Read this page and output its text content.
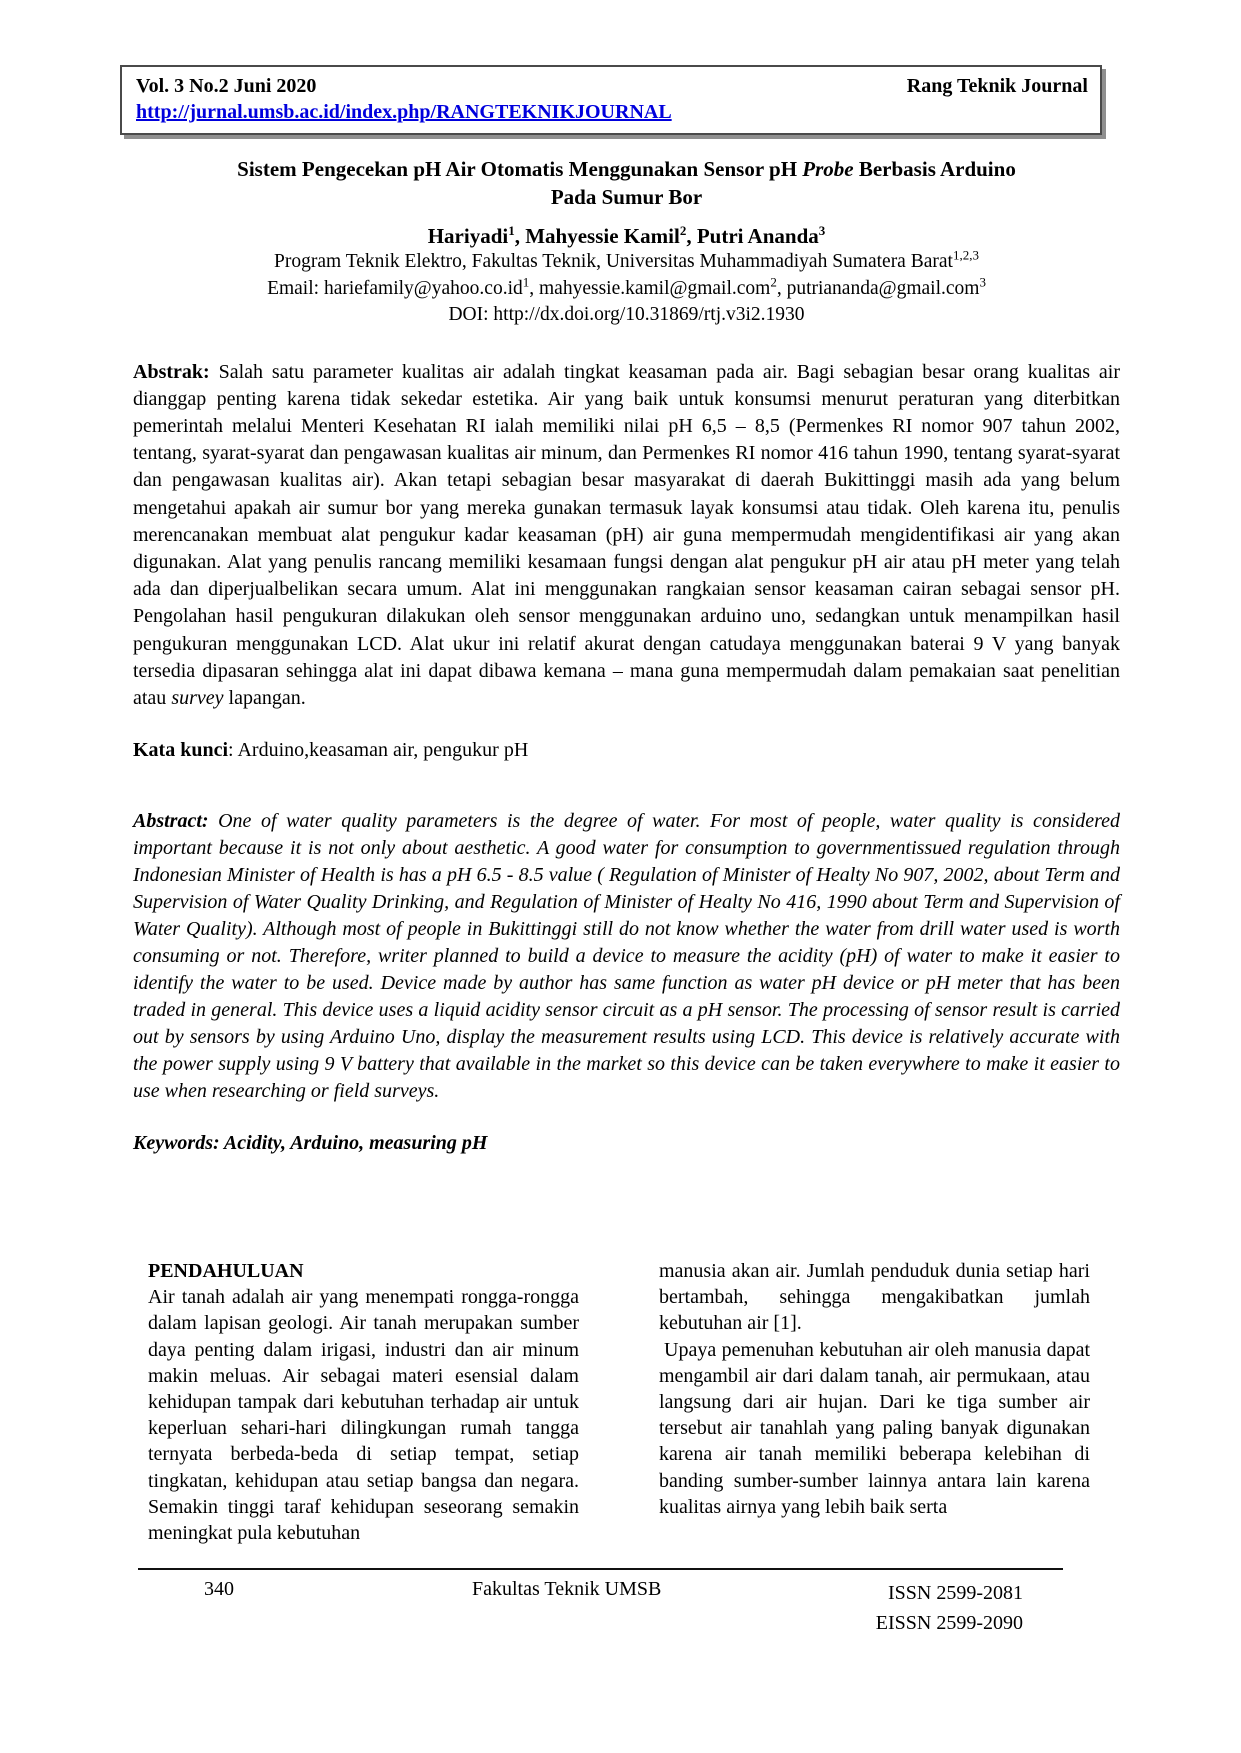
Vol. 3 No.2 Juni 2020	Rang Teknik Journal
http://jurnal.umsb.ac.id/index.php/RANGTEKNIKJOURNAL
Sistem Pengecekan pH Air Otomatis Menggunakan Sensor pH Probe Berbasis Arduino
Pada Sumur Bor
Hariyadi$^1$, Mahyessie Kamil$^2$, Putri Ananda$^3$
Program Teknik Elektro, Fakultas Teknik, Universitas Muhammadiyah Sumatera Barat$^{1,2,3}$
Email: $hariefamily@yahoo.co.id^1$, mahyessie.kamil@gmail.com$^2$, putriananda@gmail.com$^3$
DOI: http://dx.doi.org/10.31869/rtj.v3i2.1930
Abstrak: Salah satu parameter kualitas air adalah tingkat keasaman pada air. Bagi sebagian besar orang kualitas air dianggap penting karena tidak sekedar estetika. Air yang baik untuk konsumsi menurut peraturan yang diterbitkan pemerintah melalui Menteri Kesehatan RI ialah memiliki nilai pH 6,5 – 8,5 (Permenkes RI nomor 907 tahun 2002, tentang, syarat-syarat dan pengawasan kualitas air minum, dan Permenkes RI nomor 416 tahun 1990, tentang syarat-syarat dan pengawasan kualitas air). Akan tetapi sebagian besar masyarakat di daerah Bukittinggi masih ada yang belum mengetahui apakah air sumur bor yang mereka gunakan termasuk layak konsumsi atau tidak. Oleh karena itu, penulis merencanakan membuat alat pengukur kadar keasaman (pH) air guna mempermudah mengidentifikasi air yang akan digunakan. Alat yang penulis rancang memiliki kesamaan fungsi dengan alat pengukur pH air atau pH meter yang telah ada dan diperjualbelikan secara umum. Alat ini menggunakan rangkaian sensor keasaman cairan sebagai sensor pH. Pengolahan hasil pengukuran dilakukan oleh sensor menggunakan arduino uno, sedangkan untuk menampilkan hasil pengukuran menggunakan LCD. Alat ukur ini relatif akurat dengan catudaya menggunakan baterai 9 V yang banyak tersedia dipasaran sehingga alat ini dapat dibawa kemana – mana guna mempermudah dalam pemakaian saat penelitian atau survey lapangan.
Kata kunci: Arduino,keasaman air, pengukur pH
Abstract: One of water quality parameters is the degree of water. For most of people, water quality is considered important because it is not only about aesthetic. A good water for consumption to governmentissued regulation through Indonesian Minister of Health is has a pH 6.5 - 8.5 value ( Regulation of Minister of Healty No 907, 2002, about Term and Supervision of Water Quality Drinking, and Regulation of Minister of Healty No 416, 1990 about Term and Supervision of Water Quality). Although most of people in Bukittinggi still do not know whether the water from drill water used is worth consuming or not. Therefore, writer planned to build a device to measure the acidity (pH) of water to make it easier to identify the water to be used. Device made by author has same function as water pH device or pH meter that has been traded in general. This device uses a liquid acidity sensor circuit as a pH sensor. The processing of sensor result is carried out by sensors by using Arduino Uno, display the measurement results using LCD. This device is relatively accurate with the power supply using 9 V battery that available in the market so this device can be taken everywhere to make it easier to use when researching or field surveys.
Keywords: Acidity, Arduino, measuring pH
PENDAHULUAN

Air tanah adalah air yang menempati rongga-rongga dalam lapisan geologi. Air tanah merupakan sumber daya penting dalam irigasi, industri dan air minum makin meluas. Air sebagai materi esensial dalam kehidupan tampak dari kebutuhan terhadap air untuk keperluan sehari-hari dilingkungan rumah tangga ternyata berbeda-beda di setiap tempat, setiap tingkatan, kehidupan atau setiap bangsa dan negara. Semakin tinggi taraf kehidupan seseorang semakin meningkat pula kebutuhan

manusia akan air. Jumlah penduduk dunia setiap hari bertambah, sehingga mengakibatkan jumlah kebutuhan air [1].

Upaya pemenuhan kebutuhan air oleh manusia dapat mengambil air dari dalam tanah, air permukaan, atau langsung dari air hujan. Dari ke tiga sumber air tersebut air tanahlah yang paling banyak digunakan karena air tanah memiliki beberapa kelebihan di banding sumber-sumber lainnya antara lain karena kualitas airnya yang lebih baik serta

340	Fakultas Teknik UMSB	ISSN 2599-2081
EISSN 2599-2090
